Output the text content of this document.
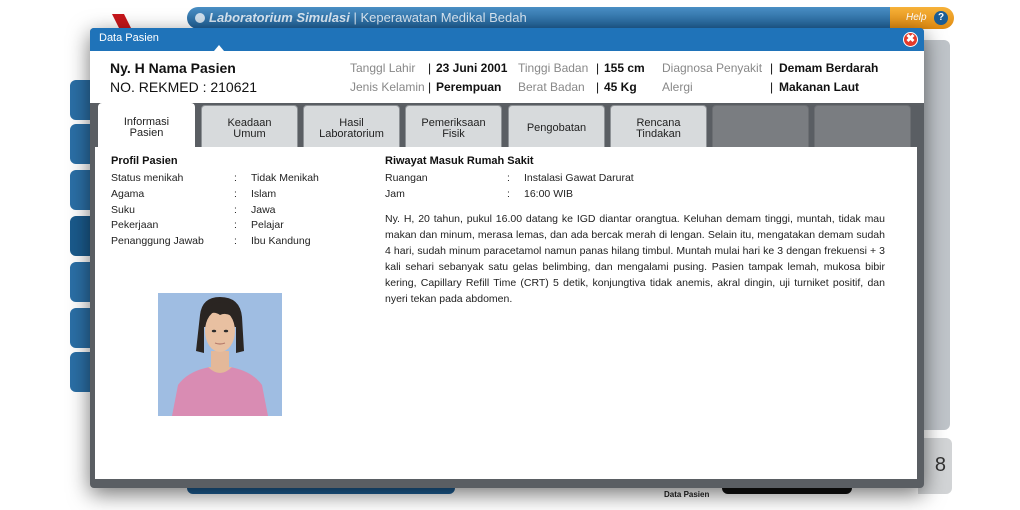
Laboratorium Simulasi | Keperawatan Medikal Bedah	Help	?
8
Data Pasien
Data Pasien	✖
Ny. H Nama Pasien
NO. REKMED : 210621
Tanggl Lahir | 23 Juni 2001
Jenis Kelamin | Perempuan
Tinggi Badan | 155 cm
Berat Badan | 45 Kg
Diagnosa Penyakit | Demam Berdarah
Alergi	| Makanan Laut
Informasi
Pasien
Keadaan
Umum
Hasil
Laboratorium
Pemeriksaan
Fisik	Pengobatan	Rencana
Tindakan
Profil Pasien
Status menikah	: Tidak Menikah
Agama	: Islam
Suku	: Jawa
Pekerjaan	: Pelajar
Penanggung Jawab	: Ibu Kandung
Riwayat Masuk Rumah Sakit
Ruangan	: Instalasi Gawat Darurat
Jam	: 16:00 WIB

Ny. H, 20 tahun, pukul 16.00 datang ke IGD diantar orangtua. Keluhan demam tinggi, muntah, tidak mau makan dan minum, merasa lemas, dan ada bercak merah di lengan. Selain itu, mengatakan demam sudah 4 hari, sudah minum paracetamol namun panas hilang timbul. Muntah mulai hari ke 3 dengan frekuensi + 3 kali sehari sebanyak satu gelas belimbing, dan mengalami pusing. Pasien tampak lemah, mukosa bibir kering, Capillary Refill Time (CRT) 5 detik, konjungtiva tidak anemis, akral dingin, uji turniket positif, dan nyeri tekan pada abdomen.
